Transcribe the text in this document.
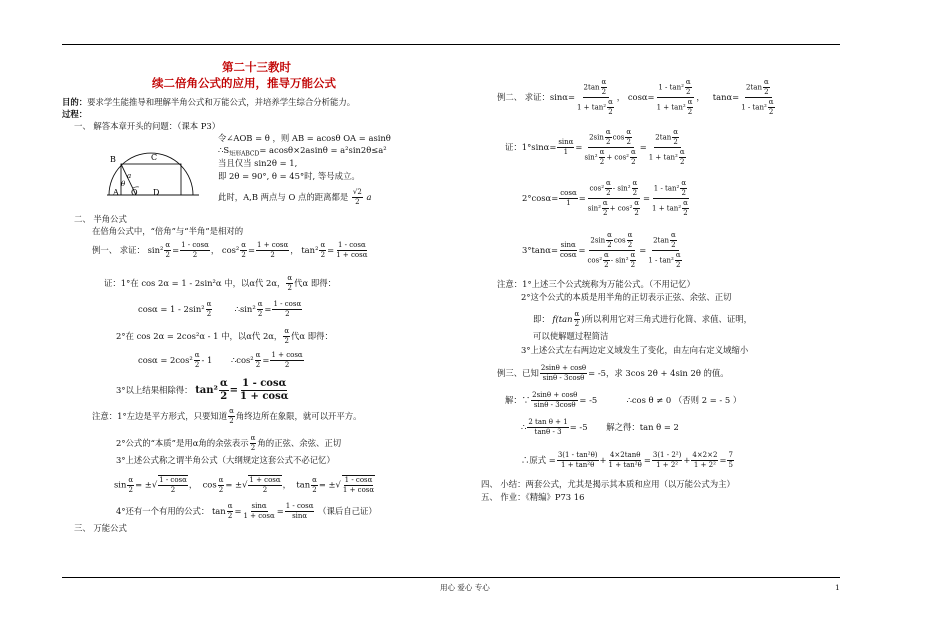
第二十三教时
续二倍角公式的应用，推导万能公式
目的：要求学生能推导和理解半角公式和万能公式，并培养学生综合分析能力。
过程：
一、 解答本章开头的问题：（课本 P3）
B	C
a
θ
A O D
令∠AOB = θ ，则 AB = acosθ OA = asinθ
$\therefore S_{矩形ABCD}= acos\theta\times 2asin\theta = a^2\sin 2\theta\le a^2$
当且仅当 sin2θ = 1,
即 2θ = 90°, θ = 45°时, 等号成立。
此时，A,B 两点与 O 点的距离都是 $\frac{√2}{2}$ a
二、 半角公式
在倍角公式中，“倍角”与“半角”是相对的
例一、 求证： $\sin^2 \frac{\alpha}{2} = \frac{1 - \cos\alpha}{2}$ ， $\cos^2 \frac{\alpha}{2} = \frac{1 + \cos\alpha}{2}$ ， $\tan^2 \frac{\alpha}{2} = \frac{1 - \cos\alpha}{1 + \cos\alpha}$
证：1°在 cos 2α = 1 - 2sin²α 中，以α代 2α， $\frac{\alpha}{2}$ 代α 即得：
$\cos\alpha = 1 - 2\sin^2 \frac{\alpha}{2}$	∴sin² $\frac{\alpha}{2} = \frac{1 - \cos\alpha}{2}$
2°在 cos 2α = 2cos²α - 1 中，以α代 2α， $\frac{\alpha}{2}$ 代α 即得：
$\cos\alpha = 2\cos^2 \frac{\alpha}{2} - 1$ ∴cos² $\frac{\alpha}{2} = \frac{1 + \cos\alpha}{2}$
3°以上结果相除得： $\tan^2 \frac{\alpha}{2} = \frac{1 - \cos\alpha}{1 + \cos\alpha}$
注意：1°左边是平方形式，只要知道 $\frac{\alpha}{2}$ 角终边所在象限，就可以开平方。
2°公式的“本质”是用α角的余弦表示 $\frac{\alpha}{2}$ 角的正弦、余弦、正切
3°上述公式称之谓半角公式（大纲规定这套公式不必记忆）
$\sin \frac{\alpha}{2}$ = ±√ $\frac{1 - \cos\alpha}{2}$ ，  $\cos \frac{\alpha}{2}$ = ±√ $\frac{1 + \cos\alpha}{2}$ ，  $\tan \frac{\alpha}{2}$ = ±√ $\frac{1 - \cos\alpha}{1 + \cos\alpha}$
4°还有一个有用的公式： $\tan \frac{\alpha}{2} = \frac{\sin\alpha}{1 + \cos\alpha} = \frac{1 - \cos\alpha}{\sin\alpha}$ （课后自己证）
三、 万能公式
例二、 求证：$\sin\alpha= \frac{2\tan \frac{\alpha}{2}}{1 + \tan^2 \frac{\alpha}{2}}$ ， $\cos\alpha= \frac{1 - \tan^2 \frac{\alpha}{2}}{1 + \tan^2 \frac{\alpha}{2}}$ ，   $\tan\alpha= \frac{2\tan \frac{\alpha}{2}}{1 - \tan^2 \frac{\alpha}{2}}$
证：$1^\circ\sin\alpha= \frac{\sin\alpha}{1} = \frac{2\sin \frac{\alpha}{2} \cos \frac{\alpha}{2}}{\sin^2 \frac{\alpha}{2} + \cos^2 \frac{\alpha}{2}} = \frac{2\tan \frac{\alpha}{2}}{1 + \tan^2 \frac{\alpha}{2}}$
$2^\circ\cos\alpha= \frac{\cos\alpha}{1} = \frac{\cos^2 \frac{\alpha}{2} - \sin^2 \frac{\alpha}{2}}{\sin^2 \frac{\alpha}{2} + \cos^2 \frac{\alpha}{2}} = \frac{1 - \tan^2 \frac{\alpha}{2}}{1 + \tan^2 \frac{\alpha}{2}}$
$3^\circ\tan\alpha= \frac{\sin\alpha}{\cos\alpha} = \frac{2\sin \frac{\alpha}{2} \cos \frac{\alpha}{2}}{\cos^2 \frac{\alpha}{2} - \sin^2 \frac{\alpha}{2}} = \frac{2\tan \frac{\alpha}{2}}{1 - \tan^2 \frac{\alpha}{2}}$
注意：1°上述三个公式统称为万能公式。（不用记忆）
2°这个公式的本质是用半角的正切表示正弦、余弦、正切
即： $f(\tan \frac{\alpha}{2}$ )所以利用它对三角式进行化简、求值、证明，
可以使解题过程简洁
3°上述公式左右两边定义域发生了变化，由左向右定义域缩小
例三、已知 $\frac{2\sin\theta + \cos\theta}{\sin\theta - 3\cos\theta} = -5$，求 3cos 2θ + 4sin 2θ 的值。
解：∵ $\frac{2\sin\theta + \cos\theta}{\sin\theta - 3\cos\theta} = -5$	∴cos θ ≠ 0 （否则 2 = - 5 ）
∴ $\frac{\text{2 tan θ + 1}}{\tan\theta - 3} = -5$ 解之得：tan θ = 2
∴原式 = $\frac{\text{3(1 - tan²θ)}}{\text{1 + tan²θ}} + \frac{4\times 2\tan\theta}{\text{1 + tan²θ}} = \frac{\text{3(1 - 2²)}}{\text{1 + 2²}} + \frac{4\times 2\times 2}{\text{1 + 2²}} = \frac{7}{5}$
四、 小结：两套公式，尤其是揭示其本质和应用（以万能公式为主）
五、 作业：《精编》P73 16
用心 爱心 专心	1
